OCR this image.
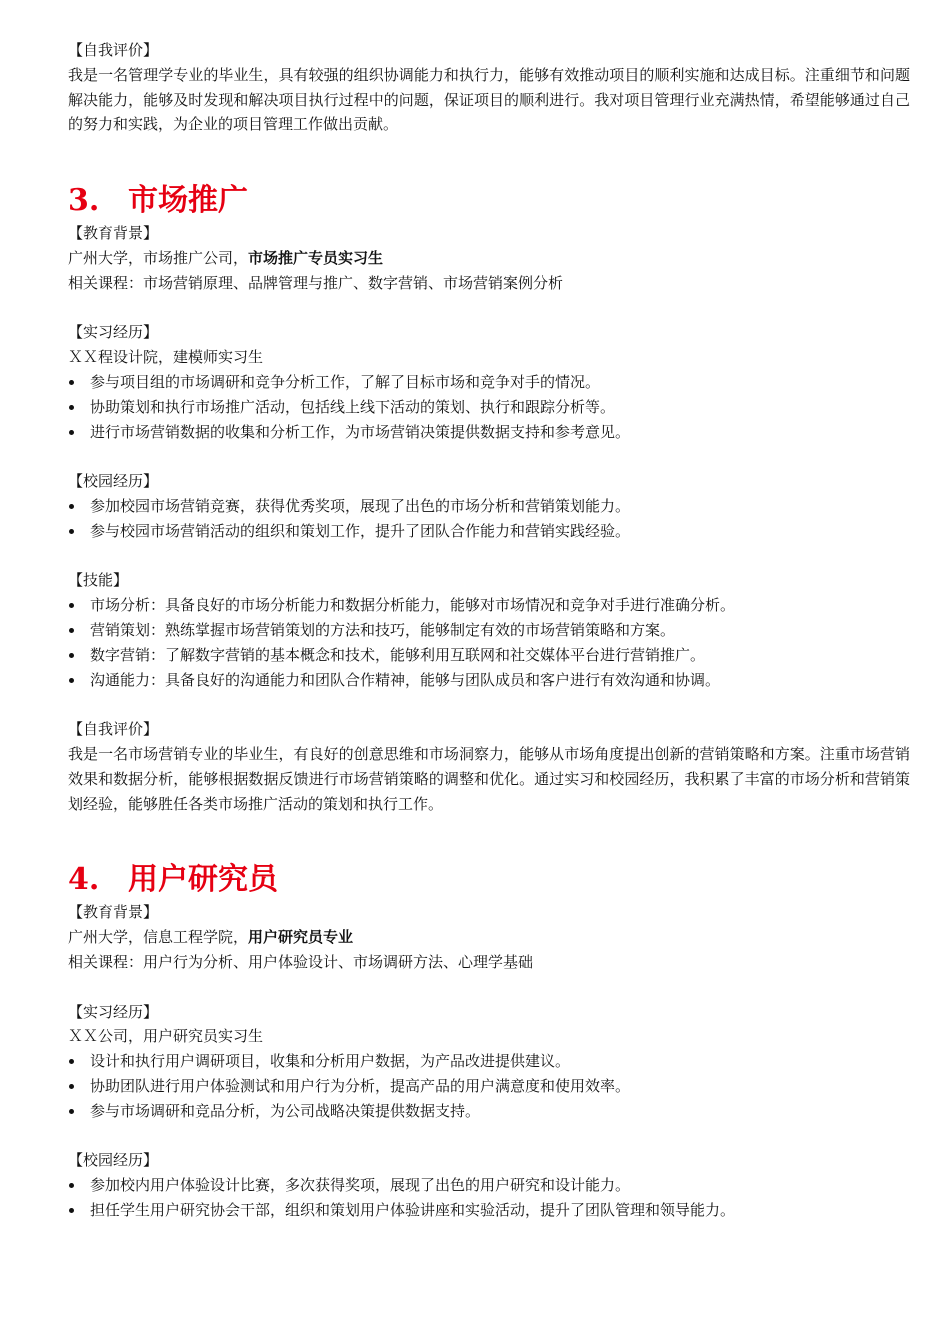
【自我评价】
我是一名管理学专业的毕业生，具有较强的组织协调能力和执行力，能够有效推动项目的顺利实施和达成目标。注重细节和问题解决能力，能够及时发现和解决项目执行过程中的问题，保证项目的顺利进行。我对项目管理行业充满热情，希望能够通过自己的努力和实践，为企业的项目管理工作做出贡献。
3. 市场推广
【教育背景】
广州大学，市场推广公司，市场推广专员实习生
相关课程：市场营销原理、品牌管理与推广、数字营销、市场营销案例分析
【实习经历】
ＸＸ程设计院，建模师实习生
参与项目组的市场调研和竞争分析工作，了解了目标市场和竞争对手的情况。
协助策划和执行市场推广活动，包括线上线下活动的策划、执行和跟踪分析等。
进行市场营销数据的收集和分析工作，为市场营销决策提供数据支持和参考意见。
【校园经历】
参加校园市场营销竞赛，获得优秀奖项，展现了出色的市场分析和营销策划能力。
参与校园市场营销活动的组织和策划工作，提升了团队合作能力和营销实践经验。
【技能】
市场分析：具备良好的市场分析能力和数据分析能力，能够对市场情况和竞争对手进行准确分析。
营销策划：熟练掌握市场营销策划的方法和技巧，能够制定有效的市场营销策略和方案。
数字营销：了解数字营销的基本概念和技术，能够利用互联网和社交媒体平台进行营销推广。
沟通能力：具备良好的沟通能力和团队合作精神，能够与团队成员和客户进行有效沟通和协调。
【自我评价】
我是一名市场营销专业的毕业生，有良好的创意思维和市场洞察力，能够从市场角度提出创新的营销策略和方案。注重市场营销效果和数据分析，能够根据数据反馈进行市场营销策略的调整和优化。通过实习和校园经历，我积累了丰富的市场分析和营销策划经验，能够胜任各类市场推广活动的策划和执行工作。
4. 用户研究员
【教育背景】
广州大学，信息工程学院，用户研究员专业
相关课程：用户行为分析、用户体验设计、市场调研方法、心理学基础
【实习经历】
ＸＸ公司，用户研究员实习生
设计和执行用户调研项目，收集和分析用户数据，为产品改进提供建议。
协助团队进行用户体验测试和用户行为分析，提高产品的用户满意度和使用效率。
参与市场调研和竞品分析，为公司战略决策提供数据支持。
【校园经历】
参加校内用户体验设计比赛，多次获得奖项，展现了出色的用户研究和设计能力。
担任学生用户研究协会干部，组织和策划用户体验讲座和实验活动，提升了团队管理和领导能力。
